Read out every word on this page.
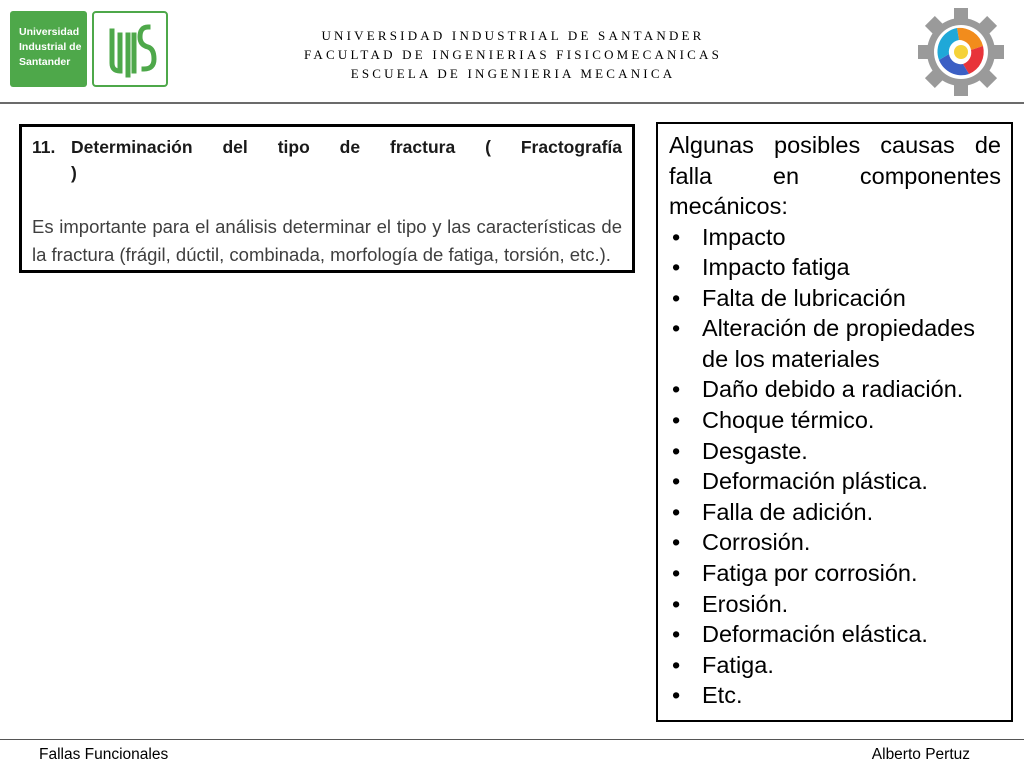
Universidad
Industrial de
Santander
UNIVERSIDAD INDUSTRIAL DE SANTANDER
FACULTAD DE INGENIERIAS FISICOMECANICAS
ESCUELA DE INGENIERIA MECANICA
11. Determinación del tipo de fractura ( Fractografía
)
Es importante para el análisis determinar el tipo y las características de la fractura (frágil, dúctil, combinada, morfología de fatiga, torsión, etc.).
Algunas posibles causas de
falla en componentes
mecánicos:
• Impacto
• Impacto fatiga
• Falta de lubricación
• Alteración de propiedades de los materiales
• Daño debido a radiación.
• Choque térmico.
• Desgaste.
• Deformación plástica.
• Falla de adición.
• Corrosión.
• Fatiga por corrosión.
• Erosión.
• Deformación elástica.
• Fatiga.
• Etc.
Fallas Funcionales	Alberto Pertuz
